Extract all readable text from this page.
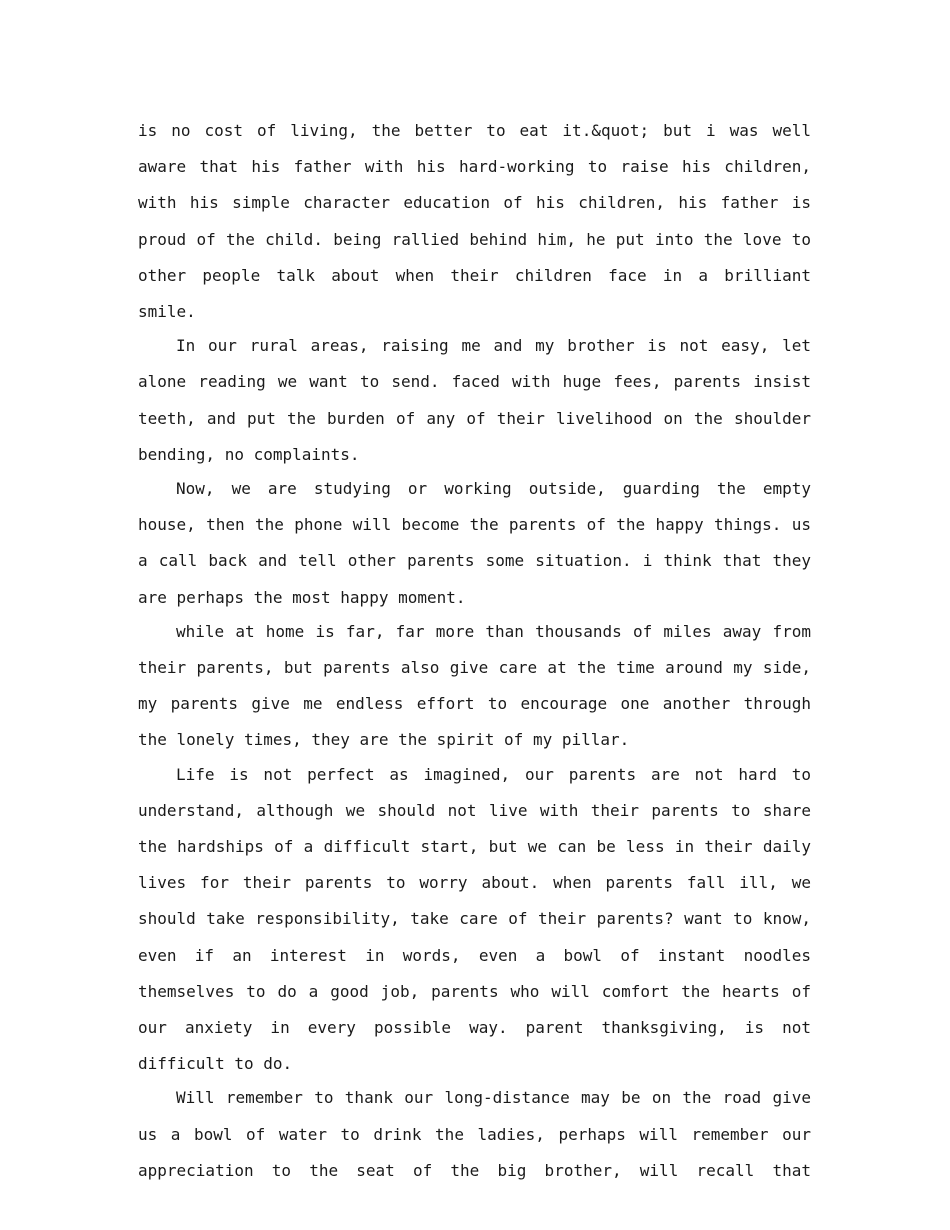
is no cost of living, the better to eat it.&quot; but i was well aware that his father with his hard-working to raise his children, with his simple character education of his children, his father is proud of the child. being rallied behind him, he put into the love to other people talk about when their children face in a brilliant smile.

In our rural areas, raising me and my brother is not easy, let alone reading we want to send. faced with huge fees, parents insist teeth, and put the burden of any of their livelihood on the shoulder bending, no complaints.

Now, we are studying or working outside, guarding the empty house, then the phone will become the parents of the happy things. us a call back and tell other parents some situation. i think that they are perhaps the most happy moment.

while at home is far, far more than thousands of miles away from their parents, but parents also give care at the time around my side, my parents give me endless effort to encourage one another through the lonely times, they are the spirit of my pillar.

Life is not perfect as imagined, our parents are not hard to understand, although we should not live with their parents to share the hardships of a difficult start, but we can be less in their daily lives for their parents to worry about. when parents fall ill, we should take responsibility, take care of their parents? want to know, even if an interest in words, even a bowl of instant noodles themselves to do a good job, parents who will comfort the hearts of our anxiety in every possible way. parent thanksgiving, is not difficult to do.

Will remember to thank our long-distance may be on the road give us a bowl of water to drink the ladies, perhaps will remember our appreciation to the seat of the big brother, will recall that
